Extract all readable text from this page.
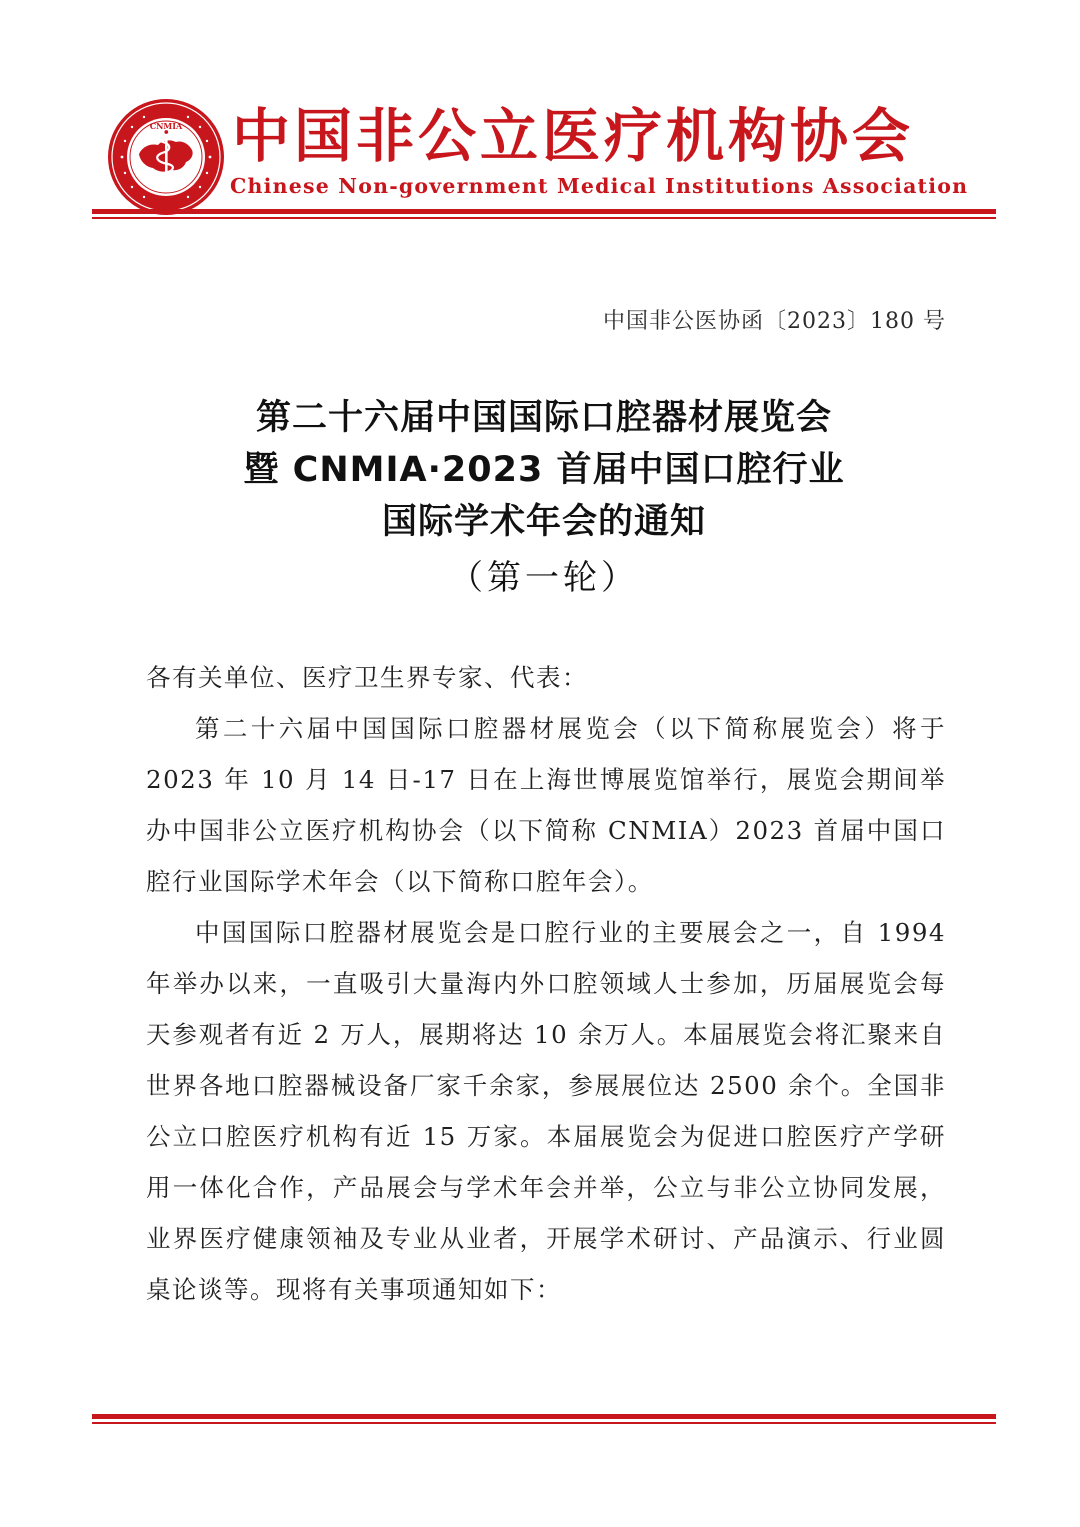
CNMIA 中国非公立医疗机构协会
Chinese Non-government Medical Institutions Association
中国非公医协函〔2023〕180 号
第二十六届中国国际口腔器材展览会
暨 CNMIA·2023 首届中国口腔行业
国际学术年会的通知
（第一轮）

各有关单位、医疗卫生界专家、代表：

第二十六届中国国际口腔器材展览会（以下简称展览会）将于 2023 年 10 月 14 日-17 日在上海世博展览馆举行，展览会期间举办中国非公立医疗机构协会（以下简称 CNMIA）2023 首届中国口腔行业国际学术年会（以下简称口腔年会）。

中国国际口腔器材展览会是口腔行业的主要展会之一，自 1994 年举办以来，一直吸引大量海内外口腔领域人士参加，历届展览会每天参观者有近 2 万人，展期将达 10 余万人。本届展览会将汇聚来自世界各地口腔器械设备厂家千余家，参展展位达 2500 余个。全国非公立口腔医疗机构有近 15 万家。本届展览会为促进口腔医疗产学研用一体化合作，产品展会与学术年会并举，公立与非公立协同发展，业界医疗健康领袖及专业从业者，开展学术研讨、产品演示、行业圆桌论谈等。现将有关事项通知如下：
